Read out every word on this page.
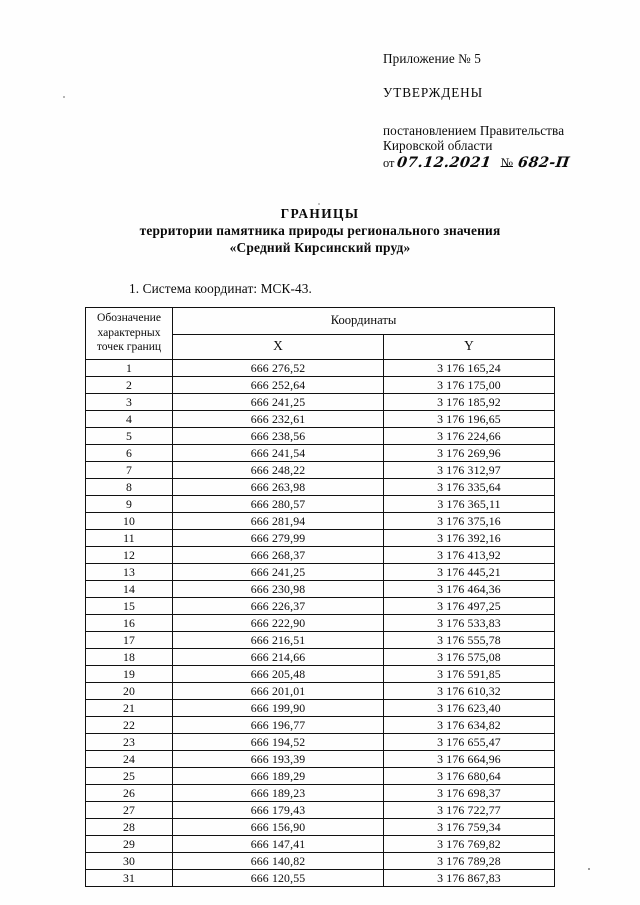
Приложение № 5
УТВЕРЖДЕНЫ
постановлением Правительства
Кировской области
от 07.12.2021 № 682-П
ГРАНИЦЫ
территории памятника природы регионального значения
«Средний Кирсинский пруд»
1. Система координат: МСК-43.
Обозначение характерных точек границ	Координаты	
	X	Y
1	666 276,52	3 176 165,24
2	666 252,64	3 176 175,00
3	666 241,25	3 176 185,92
4	666 232,61	3 176 196,65
5	666 238,56	3 176 224,66
6	666 241,54	3 176 269,96
7	666 248,22	3 176 312,97
8	666 263,98	3 176 335,64
9	666 280,57	3 176 365,11
10	666 281,94	3 176 375,16
11	666 279,99	3 176 392,16
12	666 268,37	3 176 413,92
13	666 241,25	3 176 445,21
14	666 230,98	3 176 464,36
15	666 226,37	3 176 497,25
16	666 222,90	3 176 533,83
17	666 216,51	3 176 555,78
18	666 214,66	3 176 575,08
19	666 205,48	3 176 591,85
20	666 201,01	3 176 610,32
21	666 199,90	3 176 623,40
22	666 196,77	3 176 634,82
23	666 194,52	3 176 655,47
24	666 193,39	3 176 664,96
25	666 189,29	3 176 680,64
26	666 189,23	3 176 698,37
27	666 179,43	3 176 722,77
28	666 156,90	3 176 759,34
29	666 147,41	3 176 769,82
30	666 140,82	3 176 789,28
31	666 120,55	3 176 867,83
